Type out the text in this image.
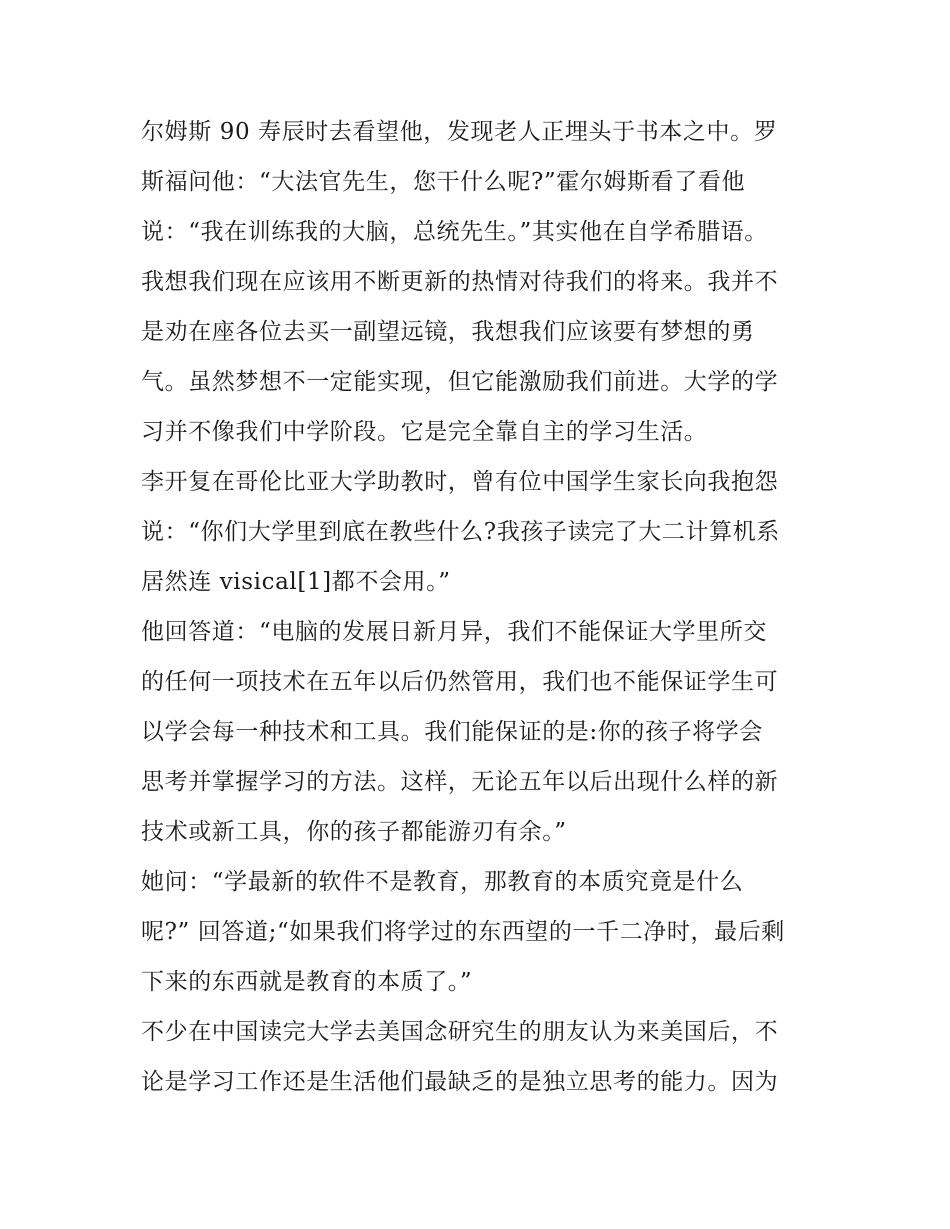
尔姆斯 90 寿辰时去看望他，发现老人正埋头于书本之中。罗
斯福问他：“大法官先生，您干什么呢?”霍尔姆斯看了看他
说：“我在训练我的大脑，总统先生。”其实他在自学希腊语。
我想我们现在应该用不断更新的热情对待我们的将来。我并不
是劝在座各位去买一副望远镜，我想我们应该要有梦想的勇
气。虽然梦想不一定能实现，但它能激励我们前进。大学的学
习并不像我们中学阶段。它是完全靠自主的学习生活。
李开复在哥伦比亚大学助教时，曾有位中国学生家长向我抱怨
说：“你们大学里到底在教些什么?我孩子读完了大二计算机系
居然连 visical[1]都不会用。”
他回答道：“电脑的发展日新月异，我们不能保证大学里所交
的任何一项技术在五年以后仍然管用，我们也不能保证学生可
以学会每一种技术和工具。我们能保证的是:你的孩子将学会
思考并掌握学习的方法。这样，无论五年以后出现什么样的新
技术或新工具，你的孩子都能游刃有余。”
她问：“学最新的软件不是教育，那教育的本质究竟是什么
呢?” 回答道;“如果我们将学过的东西望的一千二净时，最后剩
下来的东西就是教育的本质了。”
不少在中国读完大学去美国念研究生的朋友认为来美国后，不
论是学习工作还是生活他们最缺乏的是独立思考的能力。因为
